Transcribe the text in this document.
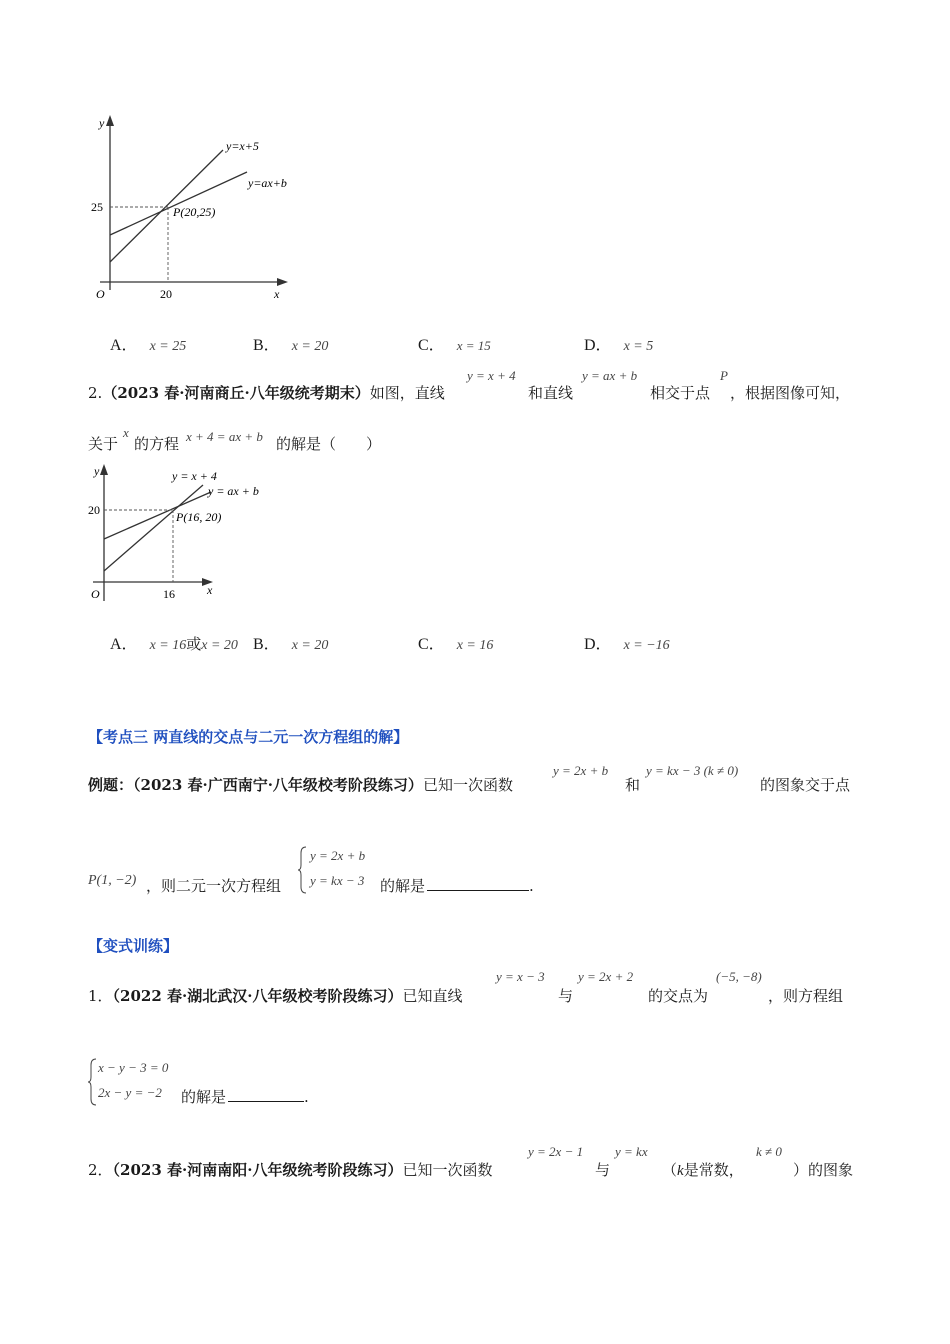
y
x
O
y=x+5
y=ax+b
25
20
P(20,25)
A． x = 25	B． x = 20	C． x = 15	D． x = 5
2.（2023 春·河南商丘·八年级统考期末）如图，直线
y = x + 4
和直线
y = ax + b
相交于点
P
，根据图像可知，
关于
x
的方程 x + 4 = ax + b 的解是（　　）
y
x
O
y = x + 4
y = ax + b
20
16
P(16, 20)
A． x = 16或x = 20 B． x = 20	C． x = 16	D． x = −16
【考点三 两直线的交点与二元一次方程组的解】
例题：（2023 春·广西南宁·八年级校考阶段练习）已知一次函数
y = 2x + b
和
y = kx − 3 (k ≠ 0)
的图象交于点
P(1, −2) ，则二元一次方程组
y = 2x + b
y = kx − 3 的解是	.
【变式训练】
1．（2022 春·湖北武汉·八年级校考阶段练习）已知直线
y = x − 3
与
y = 2x + 2
的交点为
(−5, −8)
，则方程组
x − y − 3 = 0
2x − y = −2 的解是	.
2．（2023 春·河南南阳·八年级统考阶段练习）已知一次函数
y = 2x − 1
与
y = kx
（k是常数，
k ≠ 0
）的图象
